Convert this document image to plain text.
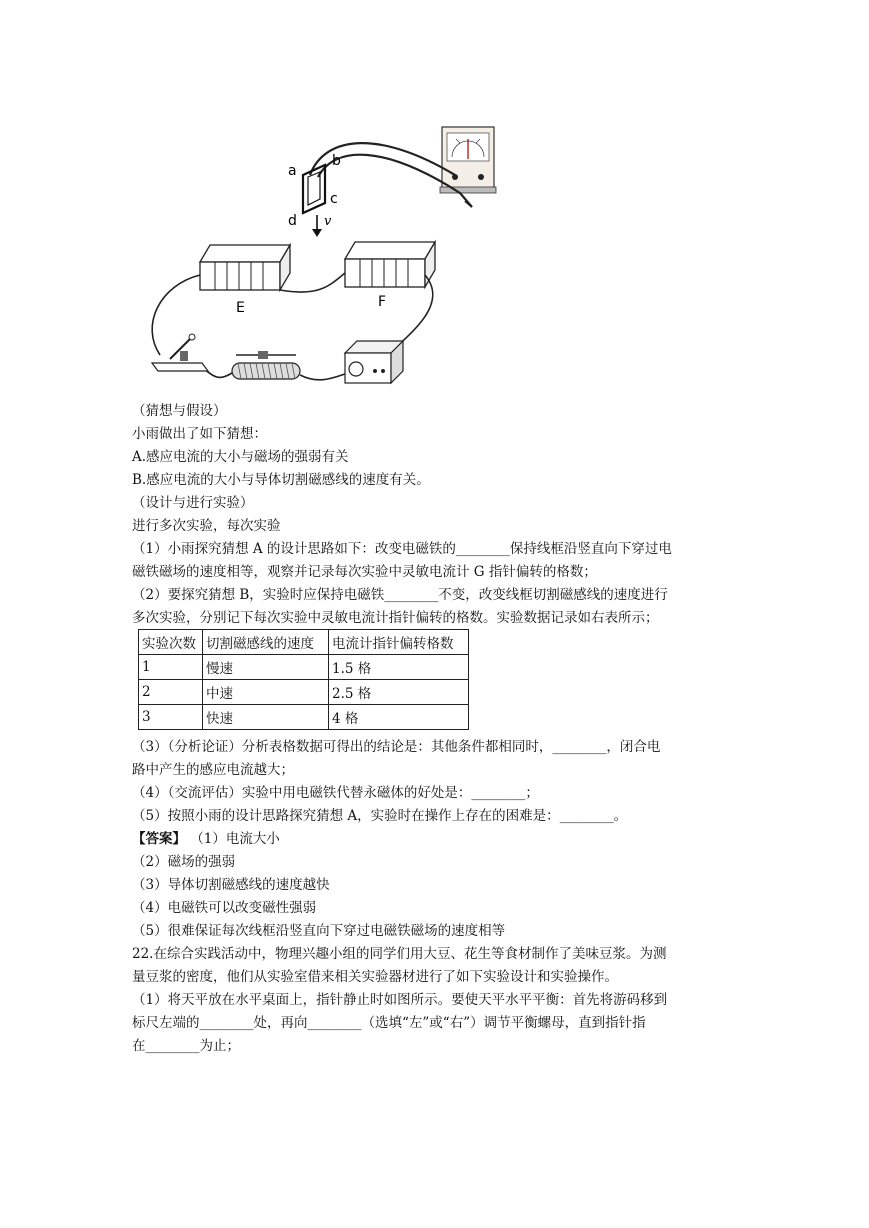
a
b
c
d v
E	F
（猜想与假设）
小雨做出了如下猜想：
A.感应电流的大小与磁场的强弱有关
B.感应电流的大小与导体切割磁感线的速度有关。
（设计与进行实验）
进行多次实验，每次实验
（1）小雨探究猜想 A 的设计思路如下：改变电磁铁的________保持线框沿竖直向下穿过电
磁铁磁场的速度相等，观察并记录每次实验中灵敏电流计 G 指针偏转的格数；
（2）要探究猜想 B，实验时应保持电磁铁________不变，改变线框切割磁感线的速度进行
多次实验，分别记下每次实验中灵敏电流计指针偏转的格数。实验数据记录如右表所示；
实验次数	切割磁感线的速度	电流计指针偏转格数
1	慢速	1.5 格
2	中速	2.5 格
3	快速	4 格
（3）（分析论证）分析表格数据可得出的结论是：其他条件都相同时，________，闭合电
路中产生的感应电流越大；
（4）（交流评估）实验中用电磁铁代替永磁体的好处是：________；
（5）按照小雨的设计思路探究猜想 A，实验时在操作上存在的困难是：________。
【答案】 （1）电流大小
（2）磁场的强弱
（3）导体切割磁感线的速度越快
（4）电磁铁可以改变磁性强弱
（5）很难保证每次线框沿竖直向下穿过电磁铁磁场的速度相等
22.在综合实践活动中，物理兴趣小组的同学们用大豆、花生等食材制作了美味豆浆。为测
量豆浆的密度，他们从实验室借来相关实验器材进行了如下实验设计和实验操作。
（1）将天平放在水平桌面上，指针静止时如图所示。要使天平水平平衡：首先将游码移到
标尺左端的________处，再向________（选填“左”或“右”）调节平衡螺母，直到指针指
在________为止；
